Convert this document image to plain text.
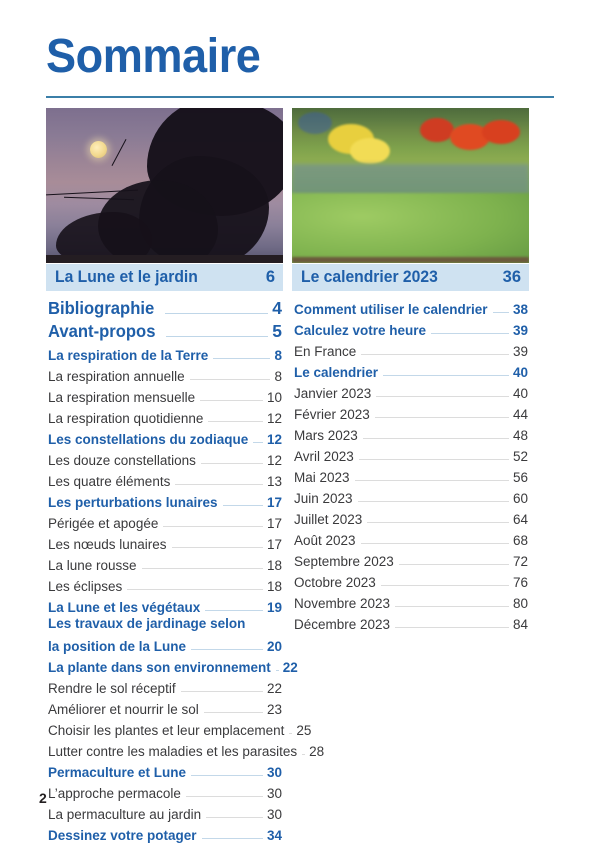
Sommaire
La Lune et le jardin	6
Bibliographie	4
Avant-propos	5
La respiration de la Terre	8
La respiration annuelle	8
La respiration mensuelle	10
La respiration quotidienne	12
Les constellations du zodiaque 12
Les douze constellations	12
Les quatre éléments	13
Les perturbations lunaires	17
Périgée et apogée	17
Les nœuds lunaires	17
La lune rousse	18
Les éclipses	18
La Lune et les végétaux	19
Les travaux de jardinage selon
la position de la Lune	20
La plante dans son environnement 22
Rendre le sol réceptif	22
Améliorer et nourrir le sol	23
Choisir les plantes et leur emplacement 25
Lutter contre les maladies et les parasites 28
Permaculture et Lune	30
L’approche permacole	30
La permaculture au jardin	30
Dessinez votre potager	34
Le calendrier 2023	36
Comment utiliser le calendrier 38
Calculez votre heure	39
En France	39
Le calendrier	40
Janvier 2023	40
Février 2023	44
Mars 2023	48
Avril 2023	52
Mai 2023	56
Juin 2023	60
Juillet 2023	64
Août 2023	68
Septembre 2023	72
Octobre 2023	76
Novembre 2023	80
Décembre 2023	84
2
